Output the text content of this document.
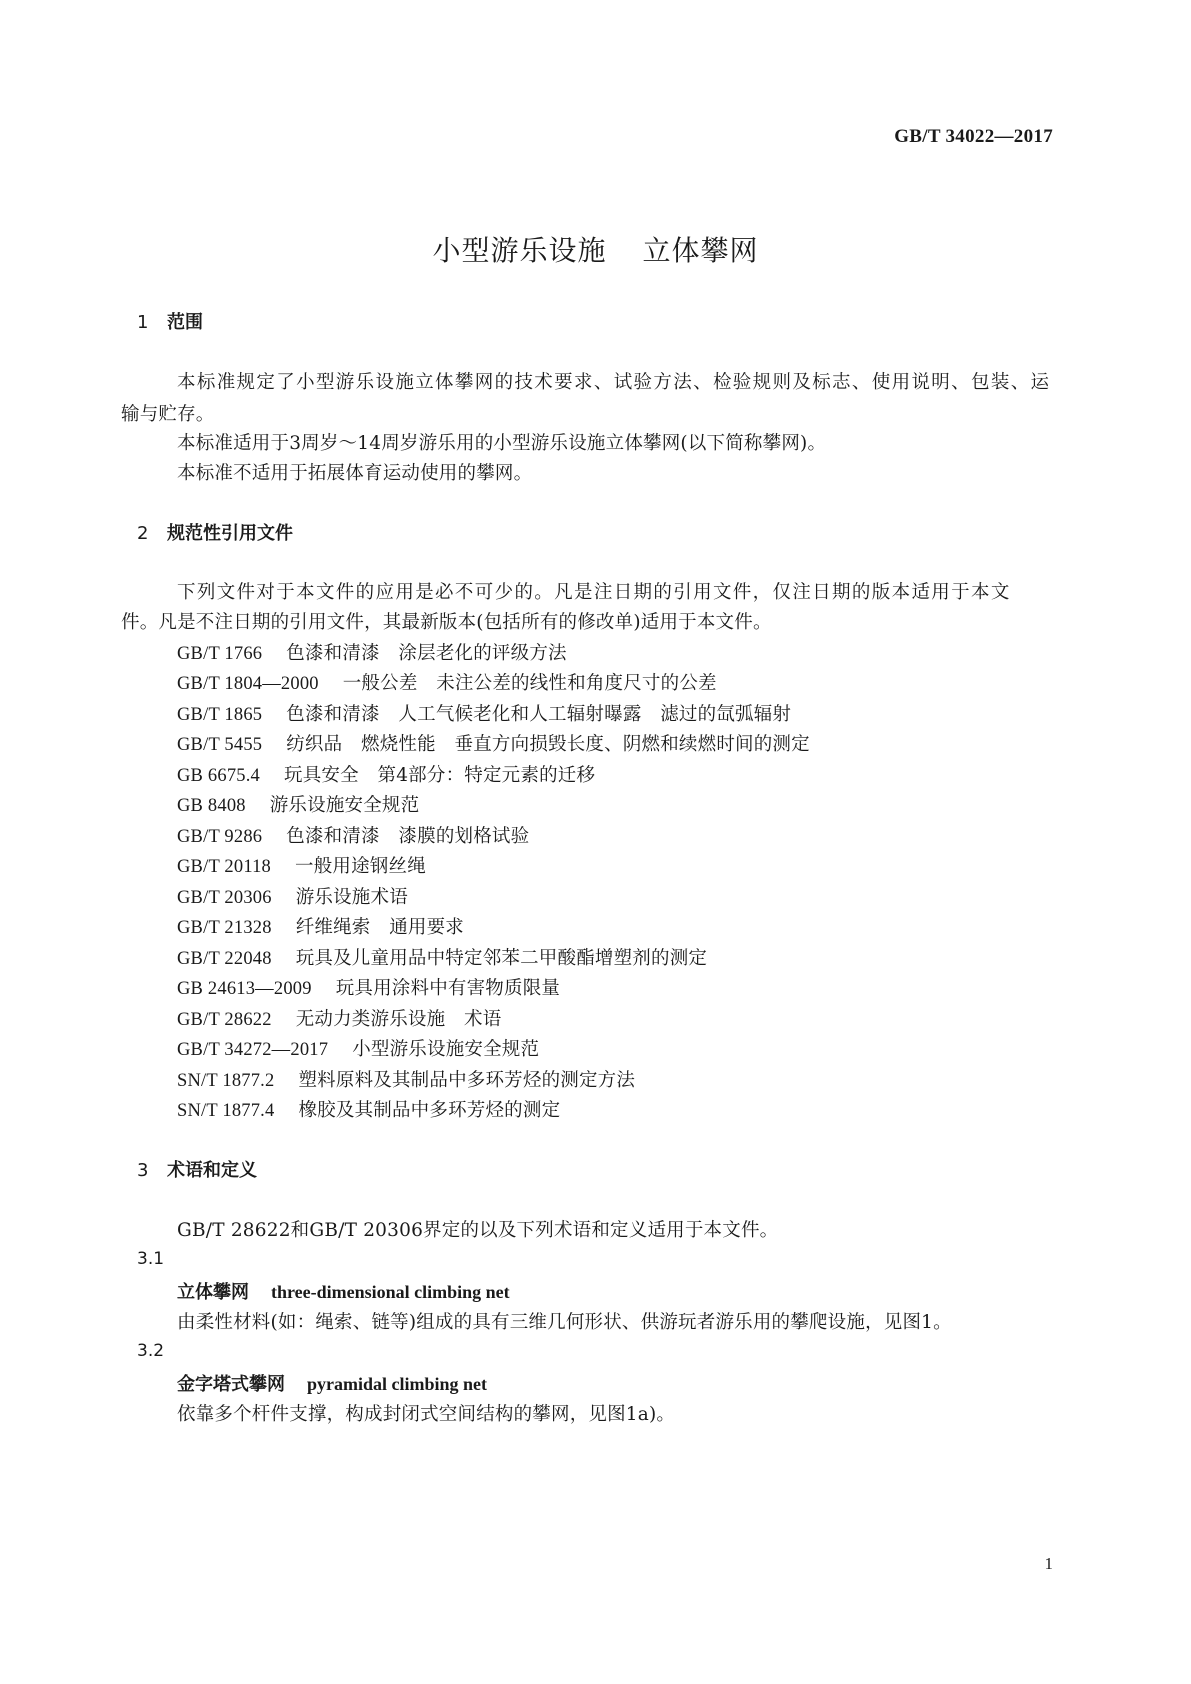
GB/T 34022—2017
小型游乐设施 立体攀网
1 范围
本标准规定了小型游乐设施立体攀网的技术要求、试验方法、检验规则及标志、使用说明、包装、运
输与贮存。
本标准适用于3周岁～14周岁游乐用的小型游乐设施立体攀网(以下简称攀网)。
本标准不适用于拓展体育运动使用的攀网。
2 规范性引用文件
下列文件对于本文件的应用是必不可少的。凡是注日期的引用文件，仅注日期的版本适用于本文
件。凡是不注日期的引用文件，其最新版本(包括所有的修改单)适用于本文件。
GB/T 1766 色漆和清漆　涂层老化的评级方法
GB/T 1804—2000 一般公差　未注公差的线性和角度尺寸的公差
GB/T 1865 色漆和清漆　人工气候老化和人工辐射曝露　滤过的氙弧辐射
GB/T 5455 纺织品　燃烧性能　垂直方向损毁长度、阴燃和续燃时间的测定
GB 6675.4 玩具安全　第4部分：特定元素的迁移
GB 8408 游乐设施安全规范
GB/T 9286 色漆和清漆　漆膜的划格试验
GB/T 20118 一般用途钢丝绳
GB/T 20306 游乐设施术语
GB/T 21328 纤维绳索　通用要求
GB/T 22048 玩具及儿童用品中特定邻苯二甲酸酯增塑剂的测定
GB 24613—2009 玩具用涂料中有害物质限量
GB/T 28622 无动力类游乐设施　术语
GB/T 34272—2017 小型游乐设施安全规范
SN/T 1877.2 塑料原料及其制品中多环芳烃的测定方法
SN/T 1877.4 橡胶及其制品中多环芳烃的测定
3 术语和定义
GB/T 28622和GB/T 20306界定的以及下列术语和定义适用于本文件。
3.1
立体攀网 three-dimensional climbing net
由柔性材料(如：绳索、链等)组成的具有三维几何形状、供游玩者游乐用的攀爬设施，见图1。
3.2
金字塔式攀网 pyramidal climbing net
依靠多个杆件支撑，构成封闭式空间结构的攀网，见图1a)。
1
